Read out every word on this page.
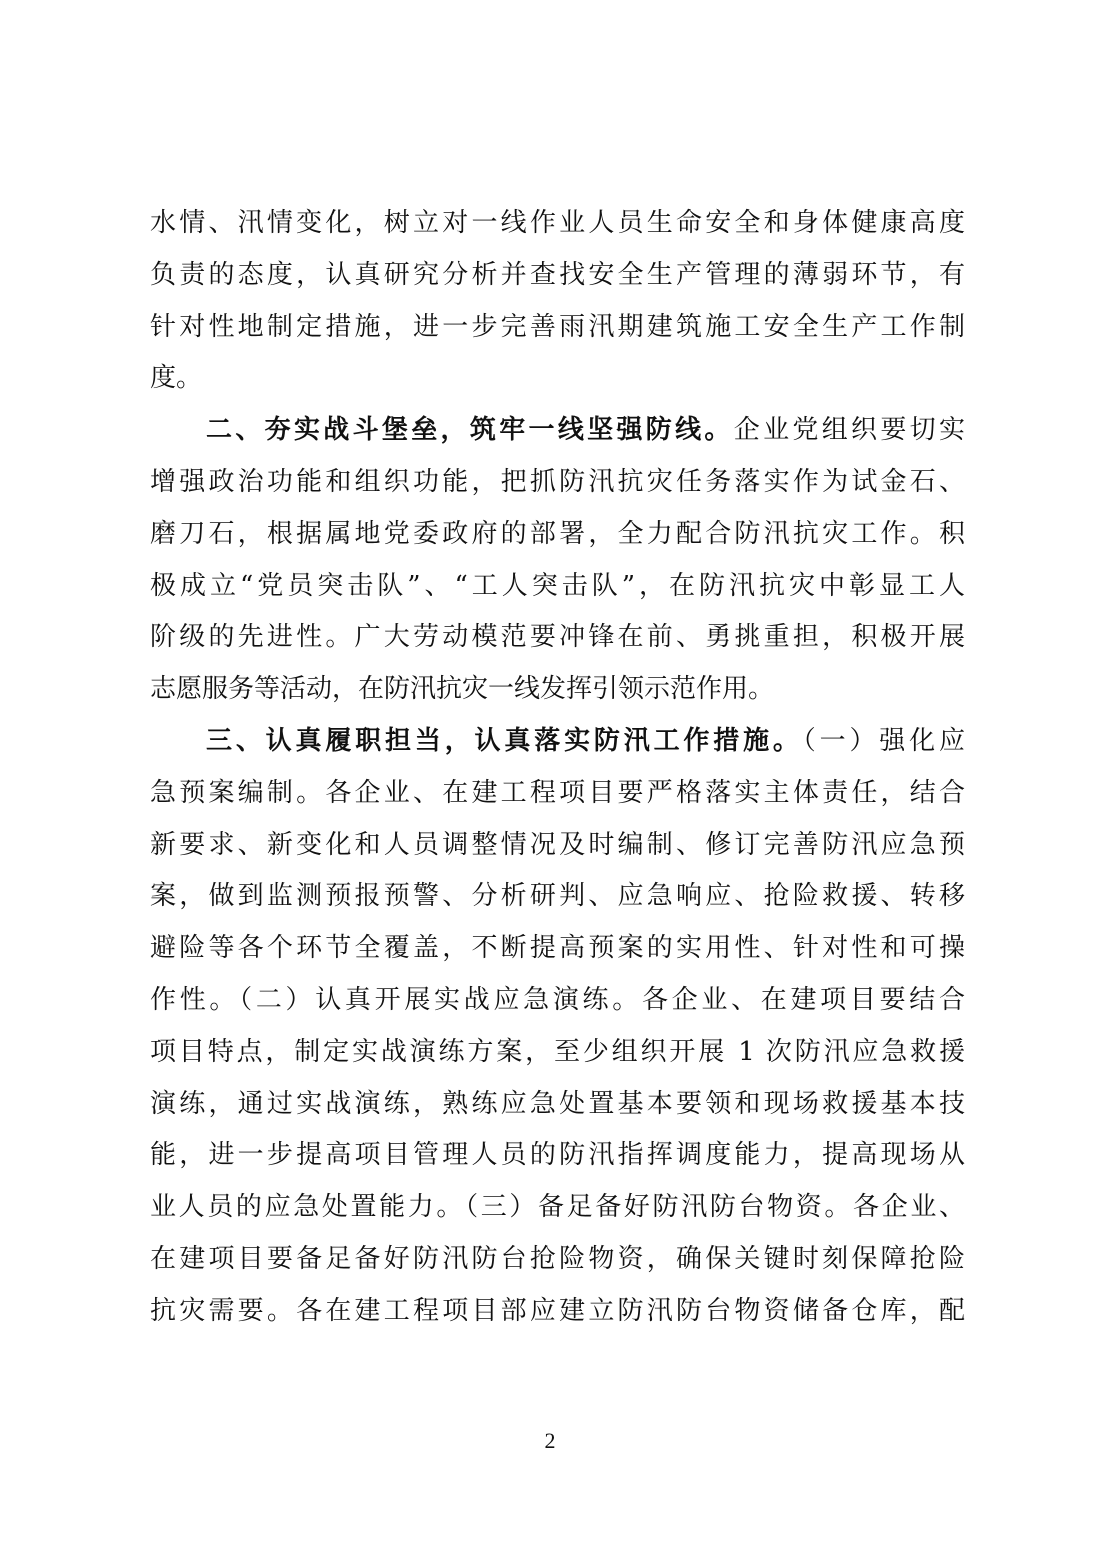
水情、汛情变化，树立对一线作业人员生命安全和身体健康高度
负责的态度，认真研究分析并查找安全生产管理的薄弱环节，有
针对性地制定措施，进一步完善雨汛期建筑施工安全生产工作制
度。
二、夯实战斗堡垒，筑牢一线坚强防线。企业党组织要切实
增强政治功能和组织功能，把抓防汛抗灾任务落实作为试金石、
磨刀石，根据属地党委政府的部署，全力配合防汛抗灾工作。积
极成立“党员突击队”、“工人突击队”，在防汛抗灾中彰显工人
阶级的先进性。广大劳动模范要冲锋在前、勇挑重担，积极开展
志愿服务等活动，在防汛抗灾一线发挥引领示范作用。
三、认真履职担当，认真落实防汛工作措施。（一）强化应
急预案编制。各企业、在建工程项目要严格落实主体责任，结合
新要求、新变化和人员调整情况及时编制、修订完善防汛应急预
案，做到监测预报预警、分析研判、应急响应、抢险救援、转移
避险等各个环节全覆盖，不断提高预案的实用性、针对性和可操
作性。（二）认真开展实战应急演练。各企业、在建项目要结合
项目特点，制定实战演练方案，至少组织开展 1 次防汛应急救援
演练，通过实战演练，熟练应急处置基本要领和现场救援基本技
能，进一步提高项目管理人员的防汛指挥调度能力，提高现场从
业人员的应急处置能力。（三）备足备好防汛防台物资。各企业、
在建项目要备足备好防汛防台抢险物资，确保关键时刻保障抢险
抗灾需要。各在建工程项目部应建立防汛防台物资储备仓库，配
2
